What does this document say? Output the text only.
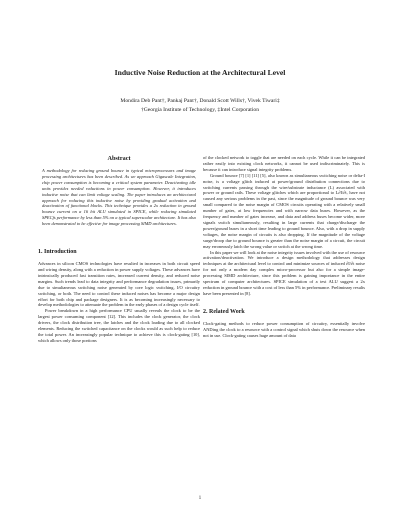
Inductive Noise Reduction at the Architectural Level
Mondira Deb Pant†, Pankaj Pant†, Donald Scott Wills†, Vivek Tiwari‡
†Georgia Institute of Technology, ‡Intel Corporation
Abstract
A methodology for reducing ground bounce in typical microprocessors and image processing architectures has been described. As we approach Gigascale Integration, chip power consumption is becoming a critical system parameter. Deactivating idle units provides needed reductions in power consumption. However, it introduces inductive noise that can limit voltage scaling. The paper introduces an architectural approach for reducing this inductive noise by providing gradual activation and deactivation of functional blocks. This technique provides a 2x reduction in ground bounce current on a 16 bit ALU simulated in SPICE, while reducing simulated SPECfs performance by less than 5% on a typical superscalar architecture. It has also been demonstrated to be effective for image processing SIMD architectures.
1. Introduction

Advances in silicon CMOS technologies have resulted in increases in both circuit speed and wiring density, along with a reduction in power supply voltages. These advances have intrinsically produced fast transition rates, increased current density, and reduced noise margins. Such trends lead to data integrity and performance degradation issues, primarily due to simultaneous switching noise generated by core logic switching, I/O circuitry switching, or both. The need to control these induced noises has become a major design effort for both chip and package designers. It is as becoming increasingly necessary to develop methodologies to attenuate the problem in the early phases of a design cycle itself.

Power breakdown in a high performance CPU usually reveals the clock to be the largest power consuming component [12]. This includes the clock generator, the clock drivers, the clock distribution tree, the latches and the clock loading due to all clocked elements. Reducing the switched capacitance on the clocks would as such help to reduce the total power. An increasingly popular technique to achieve this is clock-gating [10], which allows only those portions

of the clocked network to toggle that are needed on each cycle. While it can be integrated rather easily into existing clock networks, it cannot be used indiscriminately. This is because it can introduce signal integrity problems.

Ground bounce [7] [1] [11] [5], also known as simultaneous switching noise or delta-I noise, is a voltage glitch induced at power/ground distribution connections due to switching currents passing through the wire/substrate inductance (L) associated with power or ground rails. These voltage glitches which are proportional to L∂I/∂t, have not caused any serious problems in the past, since the magnitude of ground bounce was very small compared to the noise margin of CMOS circuits operating with a relatively small number of gates, at low frequencies and with narrow data buses. However, as the frequency and number of gates increase, and data and address buses become wider, more signals switch simultaneously, resulting in large currents that charge/discharge the power/ground buses in a short time leading to ground bounce. Also, with a drop in supply voltages, the noise margin of circuits is also dropping. If the magnitude of the voltage surge/droop due to ground bounce is greater than the noise margin of a circuit, the circuit may erroneously latch the wrong value or switch at the wrong time.

In this paper we will look at the noise integrity issues involved with the use of resource activation/deactivation. We introduce a design methodology that addresses design techniques at the architectural level to control and minimize sources of induced ∂I/∂t noise for not only a modern day complex micro-processor but also for a simple image-processing SIMD architecture, since this problem is gaining importance in the entire spectrum of computer architectures. SPICE simulation of a test ALU suggest a 2x reduction in ground bounce with a cost of less than 5% in performance. Preliminary results have been presented in [8].

2. Related Work

Clock-gating methods to reduce power consumption of circuitry, essentially involve ANDing the clock to a resource with a control signal which shuts down the resource when not in use. Clock-gating causes huge amount of data

1
